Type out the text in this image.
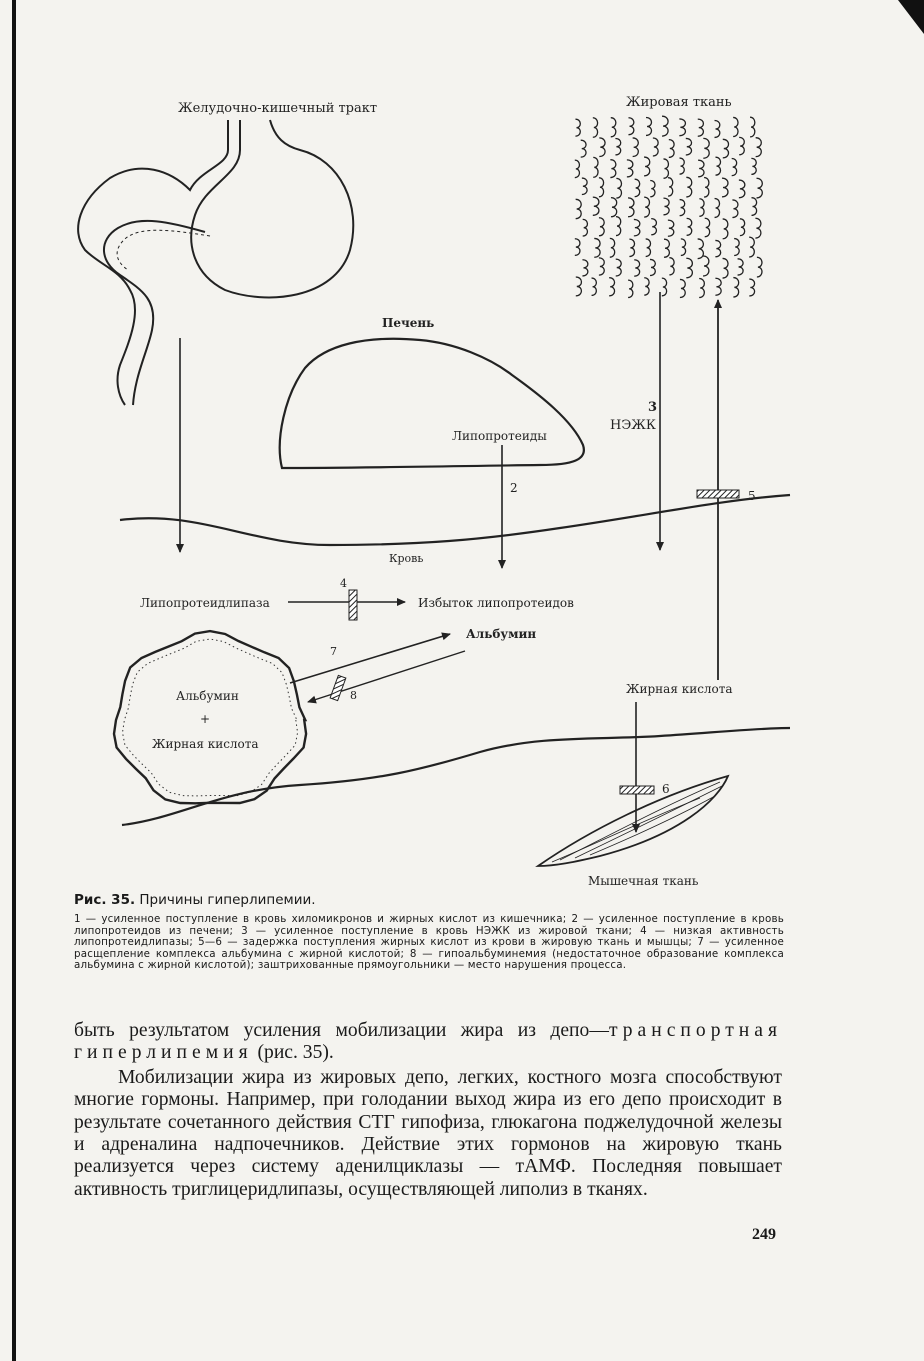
Желудочно-кишечный тракт	Жировая ткань
Печень
Липопротеиды
2
3
НЭЖК
5
Кровь
Липопротеидлипаза
4
Избыток липопротеидов
Альбумин
+
Жирная кислота
7
Альбумин
8	Жирная кислота
6
Мышечная ткань

Рис. 35. Причины гиперлипемии.

1 — усиленное поступление в кровь хиломикронов и жирных кислот из кишечника; 2 — усиленное поступление в кровь липопротеидов из печени; 3 — усиленное поступление в кровь НЭЖК из жировой ткани; 4 — низкая активность липопротеидлипазы; 5—6 — задержка поступления жирных кислот из крови в жировую ткань и мышцы; 7 — усиленное расщепление комплекса альбумина с жирной кислотой; 8 — гипоальбуминемия (недостаточное образование комплекса альбумина с жирной кислотой); заштрихованные прямоугольники — место нарушения процесса.

быть результатом усиления мобилизации жира из депо—транспортная гиперлипемия (рис. 35).

Мобилизации жира из жировых депо, легких, костного мозга способствуют многие гормоны. Например, при голодании выход жира из его депо происходит в результате сочетанного действия СТГ гипофиза, глюкагона поджелудочной железы и адреналина надпочечников. Действие этих гормонов на жировую ткань реализуется через систему аденилциклазы — тАМФ. Последняя повышает активность триглицеридлипазы, осуществляющей липолиз в тканях.

249
